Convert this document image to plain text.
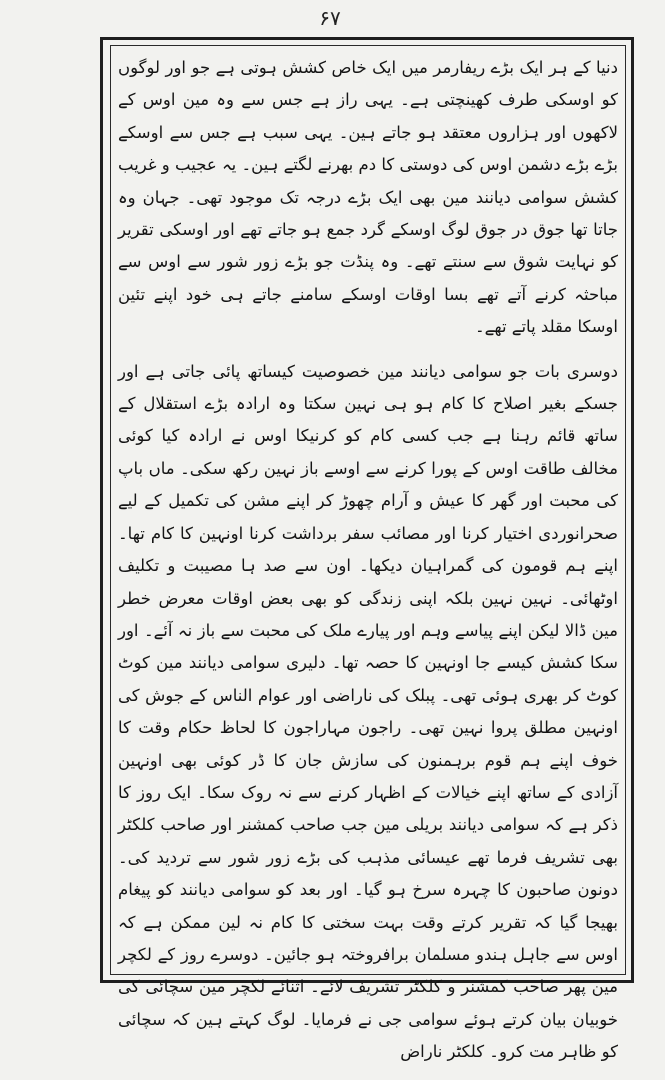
۶۷

دنیا کے ہر ایک بڑے ریفارمر میں ایک خاص کشش ہوتی ہے جو اور لوگوں کو اوسکی طرف کھینچتی ہے۔ یہی راز ہے جس سے وہ مین اوس کے لاکھوں اور ہزاروں معتقد ہو جاتے ہین۔ یہی سبب ہے جس سے اوسکے بڑے بڑے دشمن اوس کی دوستی کا دم بھرنے لگتے ہین۔ یہ عجیب و غریب کشش سوامی دیانند مین بھی ایک بڑے درجہ تک موجود تھی۔ جہان وہ جاتا تھا جوق در جوق لوگ اوسکے گرد جمع ہو جاتے تھے اور اوسکی تقریر کو نہایت شوق سے سنتے تھے۔ وہ پنڈت جو بڑے زور شور سے اوس سے مباحثہ کرنے آتے تھے بسا اوقات اوسکے سامنے جاتے ہی خود اپنے تئین اوسکا مقلد پاتے تھے۔

دوسری بات جو سوامی دیانند مین خصوصیت کیساتھ پائی جاتی ہے اور جسکے بغیر اصلاح کا کام ہو ہی نہین سکتا وہ ارادہ بڑے استقلال کے ساتھ قائم رہنا ہے جب کسی کام کو کرنیکا اوس نے ارادہ کیا کوئی مخالف طاقت اوس کے پورا کرنے سے اوسے باز نہین رکھ سکی۔ ماں باپ کی محبت اور گھر کا عیش و آرام چھوڑ کر اپنے مشن کی تکمیل کے لیے صحرانوردی اختیار کرنا اور مصائب سفر برداشت کرنا اونہین کا کام تھا۔ اپنے ہم قومون کی گمراہیان دیکھا۔ اون سے صد ہا مصیبت و تکلیف اوٹھائی۔ نہین نہین بلکہ اپنی زندگی کو بھی بعض اوقات معرض خطر مین ڈالا لیکن اپنے پیاسے وہم اور پیارے ملک کی محبت سے باز نہ آئے۔ اور سکا کشش کیسے جا اونہین کا حصہ تھا۔ دلیری سوامی دیانند مین کوٹ کوٹ کر بھری ہوئی تھی۔ پبلک کی ناراضی اور عوام الناس کے جوش کی اونہین مطلق پروا نہین تھی۔ راجون مہاراجون کا لحاظ حکام وقت کا خوف اپنے ہم قوم برہمنون کی سازش جان کا ڈر کوئی بھی اونہین آزادی کے ساتھ اپنے خیالات کے اظہار کرنے سے نہ روک سکا۔ ایک روز کا ذکر ہے کہ سوامی دیانند بریلی مین جب صاحب کمشنر اور صاحب کلکٹر بھی تشریف فرما تھے عیسائی مذہب کی بڑے زور شور سے تردید کی۔ دونون صاحبون کا چہرہ سرخ ہو گیا۔ اور بعد کو سوامی دیانند کو پیغام بھیجا گیا کہ تقریر کرتے وقت بہت سختی کا کام نہ لین ممکن ہے کہ اوس سے جاہل ہندو مسلمان برافروختہ ہو جائین۔ دوسرے روز کے لکچر مین پھر صاحب کمشنر و کلکٹر تشریف لائے۔ اثنائے لکچر مین سچائی کی خوبیان بیان کرتے ہوئے سوامی جی نے فرمایا۔ لوگ کہتے ہین کہ سچائی کو ظاہر مت کرو۔ کلکٹر ناراض
